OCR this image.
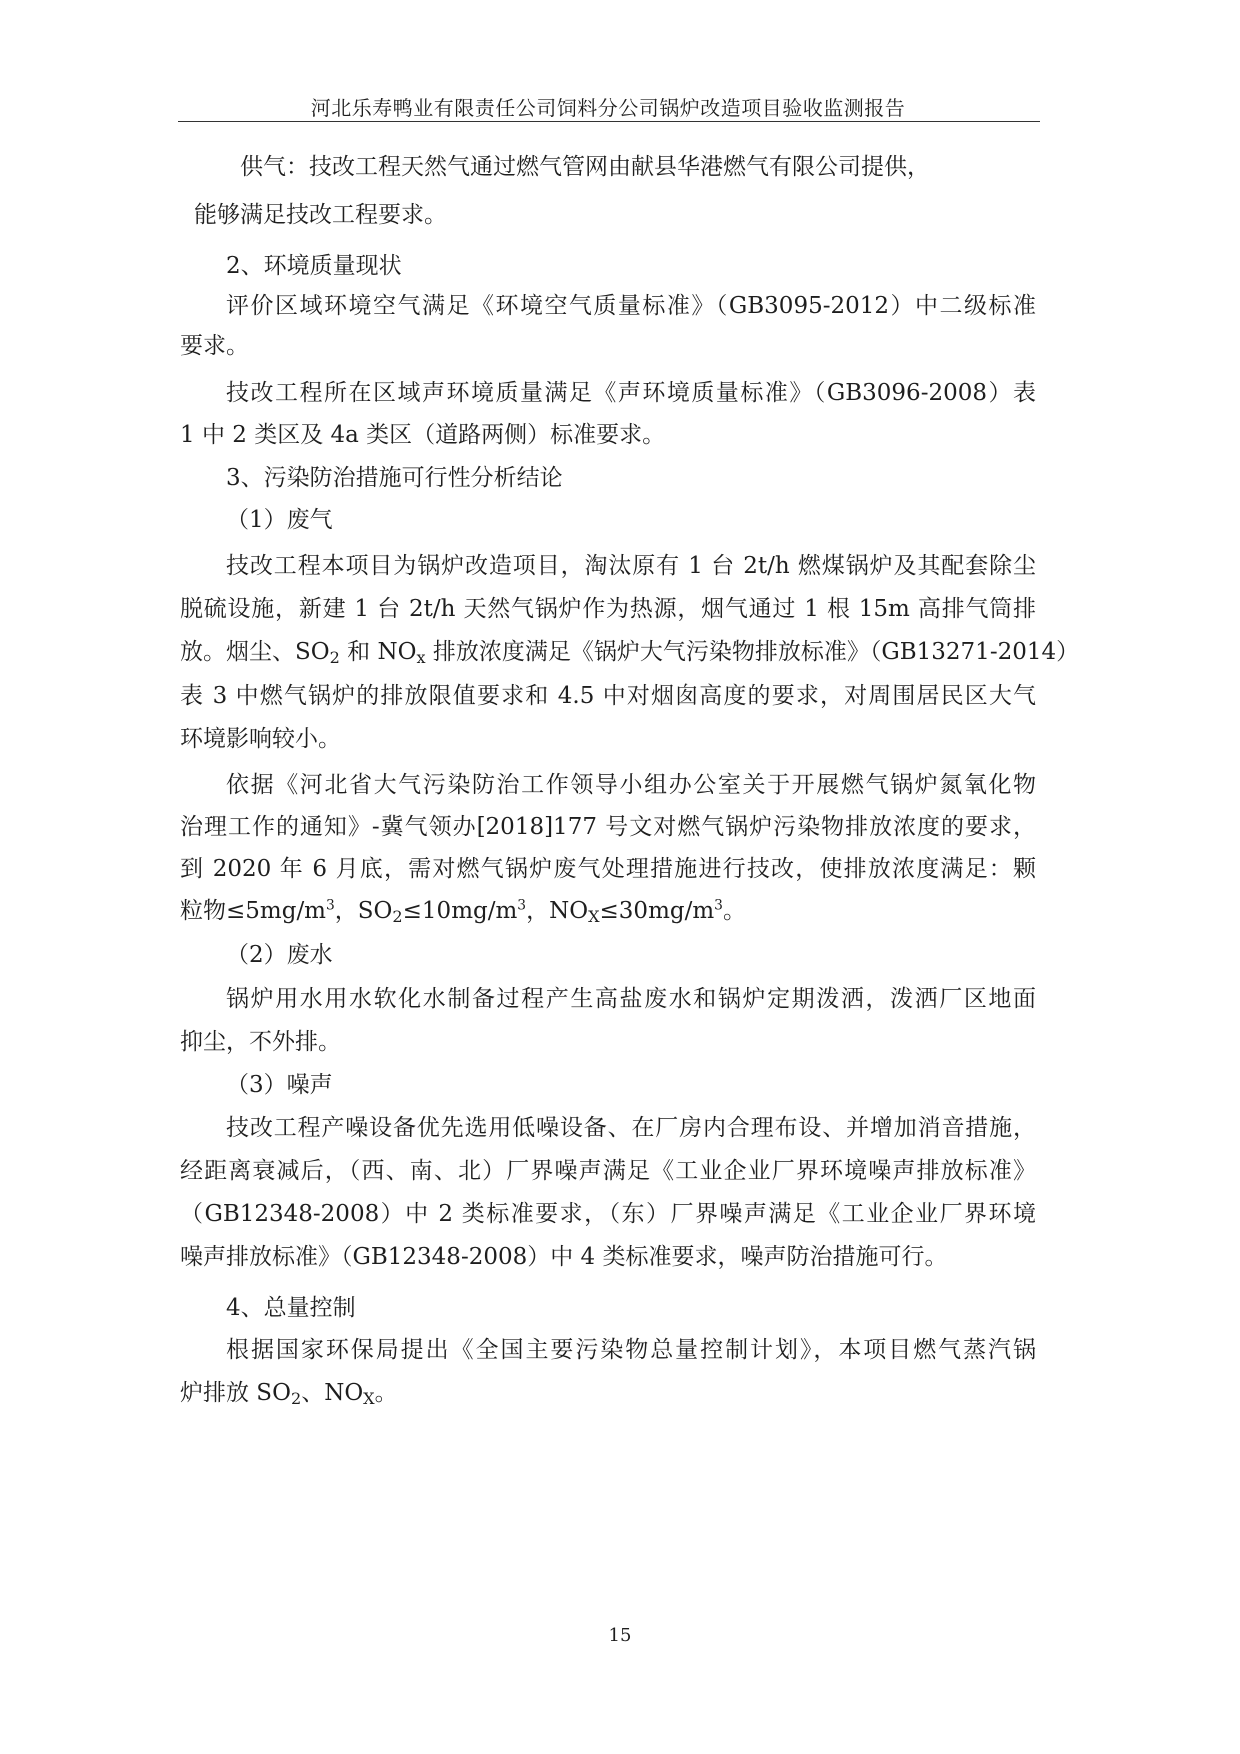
河北乐寿鸭业有限责任公司饲料分公司锅炉改造项目验收监测报告
供气：技改工程天然气通过燃气管网由献县华港燃气有限公司提供，
能够满足技改工程要求。
2、环境质量现状
评价区域环境空气满足《环境空气质量标准》（GB3095-2012）中二级标准
要求。
技改工程所在区域声环境质量满足《声环境质量标准》（GB3096-2008）表
1 中 2 类区及 4a 类区（道路两侧）标准要求。
3、污染防治措施可行性分析结论
（1）废气
技改工程本项目为锅炉改造项目，淘汰原有 1 台 2t/h 燃煤锅炉及其配套除尘
脱硫设施，新建 1 台 2t/h 天然气锅炉作为热源，烟气通过 1 根 15m 高排气筒排
放。烟尘、$SO_2$ 和 $NO_x$ 排放浓度满足《锅炉大气污染物排放标准》（GB13271-2014）
表 3 中燃气锅炉的排放限值要求和 4.5 中对烟囱高度的要求，对周围居民区大气
环境影响较小。
依据《河北省大气污染防治工作领导小组办公室关于开展燃气锅炉氮氧化物
治理工作的通知》-冀气领办[2018]177 号文对燃气锅炉污染物排放浓度的要求，
到 2020 年 6 月底，需对燃气锅炉废气处理措施进行技改，使排放浓度满足：颗
粒物$\le 5mg/m^3$，$SO_2\le 10mg/m^3$，$NO_X\le 30mg/m^3$。
（2）废水
锅炉用水用水软化水制备过程产生高盐废水和锅炉定期泼洒，泼洒厂区地面
抑尘，不外排。
（3）噪声
技改工程产噪设备优先选用低噪设备、在厂房内合理布设、并增加消音措施，
经距离衰减后，（西、南、北）厂界噪声满足《工业企业厂界环境噪声排放标准》
（GB12348-2008）中 2 类标准要求，（东）厂界噪声满足《工业企业厂界环境
噪声排放标准》（GB12348-2008）中 4 类标准要求，噪声防治措施可行。
4、总量控制
根据国家环保局提出《全国主要污染物总量控制计划》，本项目燃气蒸汽锅
炉排放 $SO_2$、$NO_X$。
15
